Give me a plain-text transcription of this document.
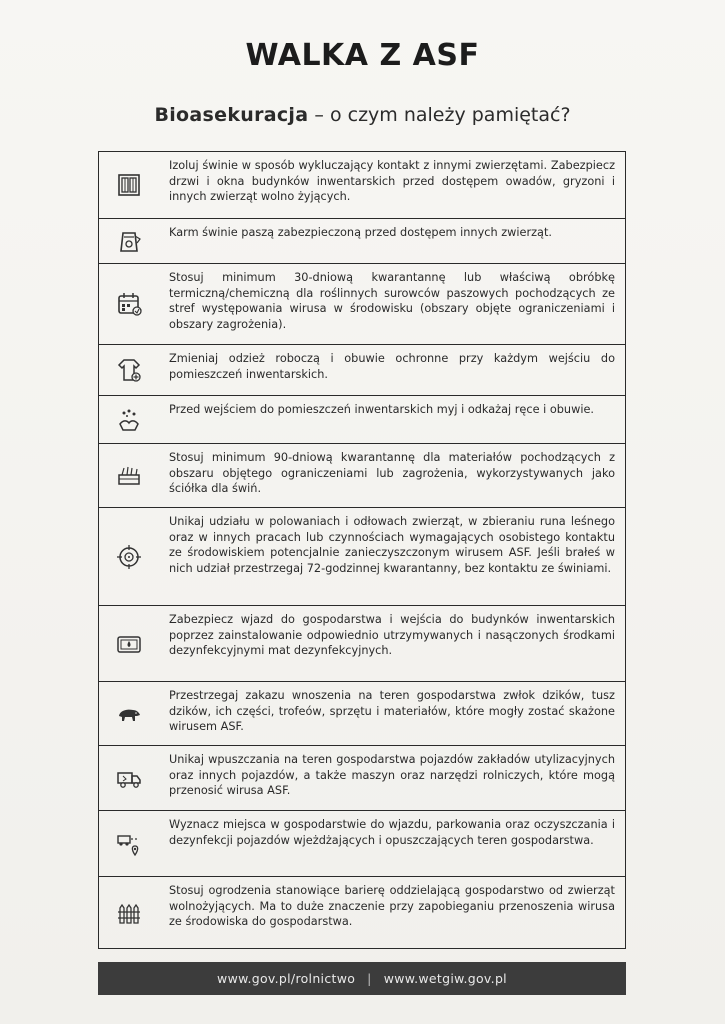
WALKA Z ASF
Bioasekuracja – o czym należy pamiętać?
Izoluj świnie w sposób wykluczający kontakt z innymi zwierzętami. Zabezpiecz drzwi i okna budynków inwentarskich przed dostępem owadów, gryzoni i innych zwierząt wolno żyjących.
Karm świnie paszą zabezpieczoną przed dostępem innych zwierząt.
Stosuj minimum 30-dniową kwarantannę lub właściwą obróbkę termiczną/chemiczną dla roślinnych surowców paszowych pochodzących ze stref występowania wirusa w środowisku (obszary objęte ograniczeniami i obszary zagrożenia).
Zmieniaj odzież roboczą i obuwie ochronne przy każdym wejściu do pomieszczeń inwentarskich.
Przed wejściem do pomieszczeń inwentarskich myj i odkażaj ręce i obuwie.
Stosuj minimum 90-dniową kwarantannę dla materiałów pochodzących z obszaru objętego ograniczeniami lub zagrożenia, wykorzystywanych jako ściółka dla świń.
Unikaj udziału w polowaniach i odłowach zwierząt, w zbieraniu runa leśnego oraz w innych pracach lub czynnościach wymagających osobistego kontaktu ze środowiskiem potencjalnie zanieczyszczonym wirusem ASF. Jeśli brałeś w nich udział przestrzegaj 72-godzinnej kwarantanny, bez kontaktu ze świniami.
Zabezpiecz wjazd do gospodarstwa i wejścia do budynków inwentarskich poprzez zainstalowanie odpowiednio utrzymywanych i nasączonych środkami dezynfekcyjnymi mat dezynfekcyjnych.
Przestrzegaj zakazu wnoszenia na teren gospodarstwa zwłok dzików, tusz dzików, ich części, trofeów, sprzętu i materiałów, które mogły zostać skażone wirusem ASF.
Unikaj wpuszczania na teren gospodarstwa pojazdów zakładów utylizacyjnych oraz innych pojazdów, a także maszyn oraz narzędzi rolniczych, które mogą przenosić wirusa ASF.
Wyznacz miejsca w gospodarstwie do wjazdu, parkowania oraz oczyszczania i dezynfekcji pojazdów wjeżdżających i opuszczających teren gospodarstwa.
Stosuj ogrodzenia stanowiące barierę oddzielającą gospodarstwo od zwierząt wolnożyjących. Ma to duże znaczenie przy zapobieganiu przenoszenia wirusa ze środowiska do gospodarstwa.
www.gov.pl/rolnictwo | www.wetgiw.gov.pl
